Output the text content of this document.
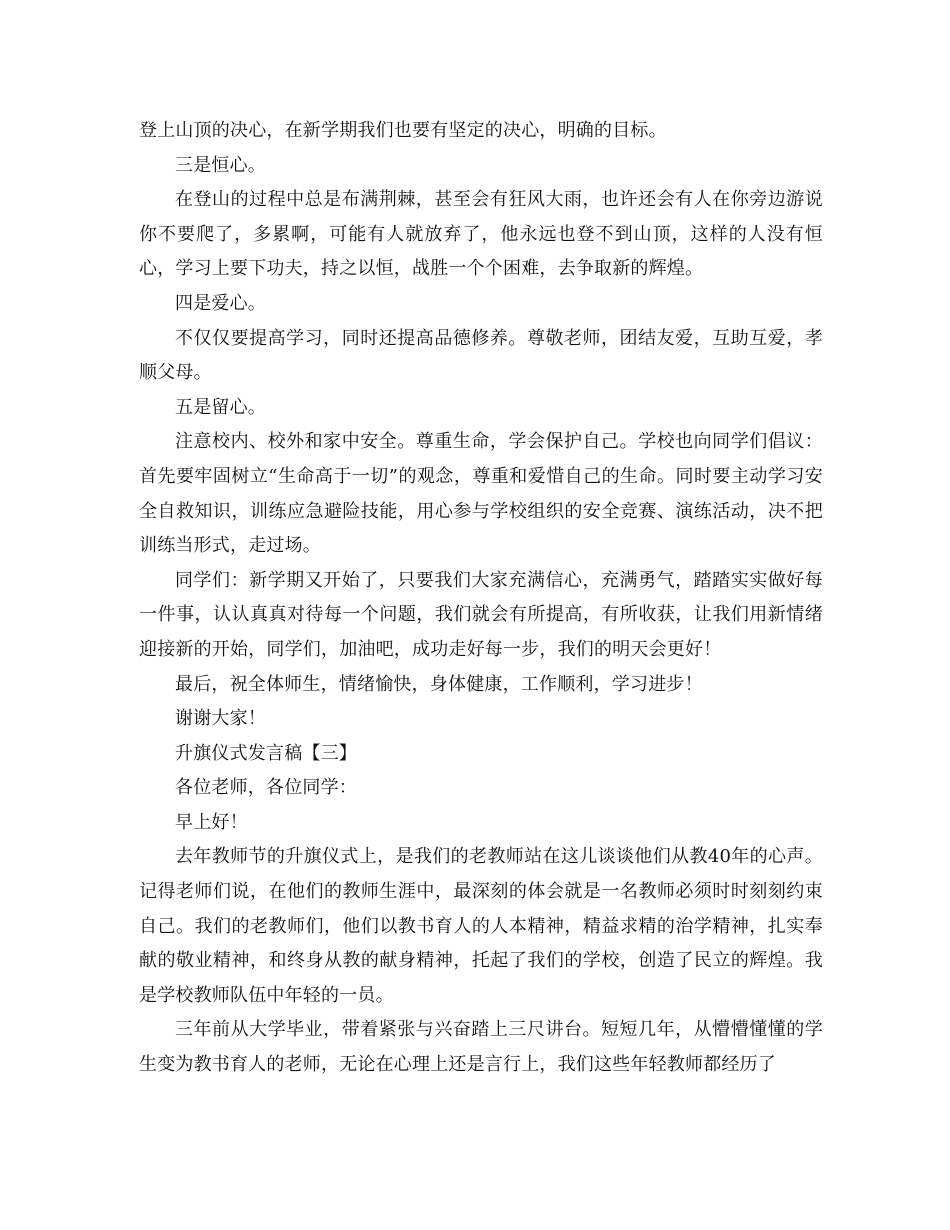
登上山顶的决心，在新学期我们也要有坚定的决心，明确的目标。

三是恒心。

在登山的过程中总是布满荆棘，甚至会有狂风大雨，也许还会有人在你旁边游说你不要爬了，多累啊，可能有人就放弃了，他永远也登不到山顶，这样的人没有恒心，学习上要下功夫，持之以恒，战胜一个个困难，去争取新的辉煌。

四是爱心。

不仅仅要提高学习，同时还提高品德修养。尊敬老师，团结友爱，互助互爱，孝顺父母。

五是留心。

注意校内、校外和家中安全。尊重生命，学会保护自己。学校也向同学们倡议：首先要牢固树立“生命高于一切”的观念，尊重和爱惜自己的生命。同时要主动学习安全自救知识，训练应急避险技能，用心参与学校组织的安全竞赛、演练活动，决不把训练当形式，走过场。

同学们：新学期又开始了，只要我们大家充满信心，充满勇气，踏踏实实做好每一件事，认认真真对待每一个问题，我们就会有所提高，有所收获，让我们用新情绪迎接新的开始，同学们，加油吧，成功走好每一步，我们的明天会更好！

最后，祝全体师生，情绪愉快，身体健康，工作顺利，学习进步！

谢谢大家！

升旗仪式发言稿【三】

各位老师，各位同学：

早上好！

去年教师节的升旗仪式上，是我们的老教师站在这儿谈谈他们从教40年的心声。记得老师们说，在他们的教师生涯中，最深刻的体会就是一名教师必须时时刻刻约束自己。我们的老教师们，他们以教书育人的人本精神，精益求精的治学精神，扎实奉献的敬业精神，和终身从教的献身精神，托起了我们的学校，创造了民立的辉煌。我是学校教师队伍中年轻的一员。

三年前从大学毕业，带着紧张与兴奋踏上三尺讲台。短短几年，从懵懵懂懂的学生变为教书育人的老师，无论在心理上还是言行上，我们这些年轻教师都经历了
